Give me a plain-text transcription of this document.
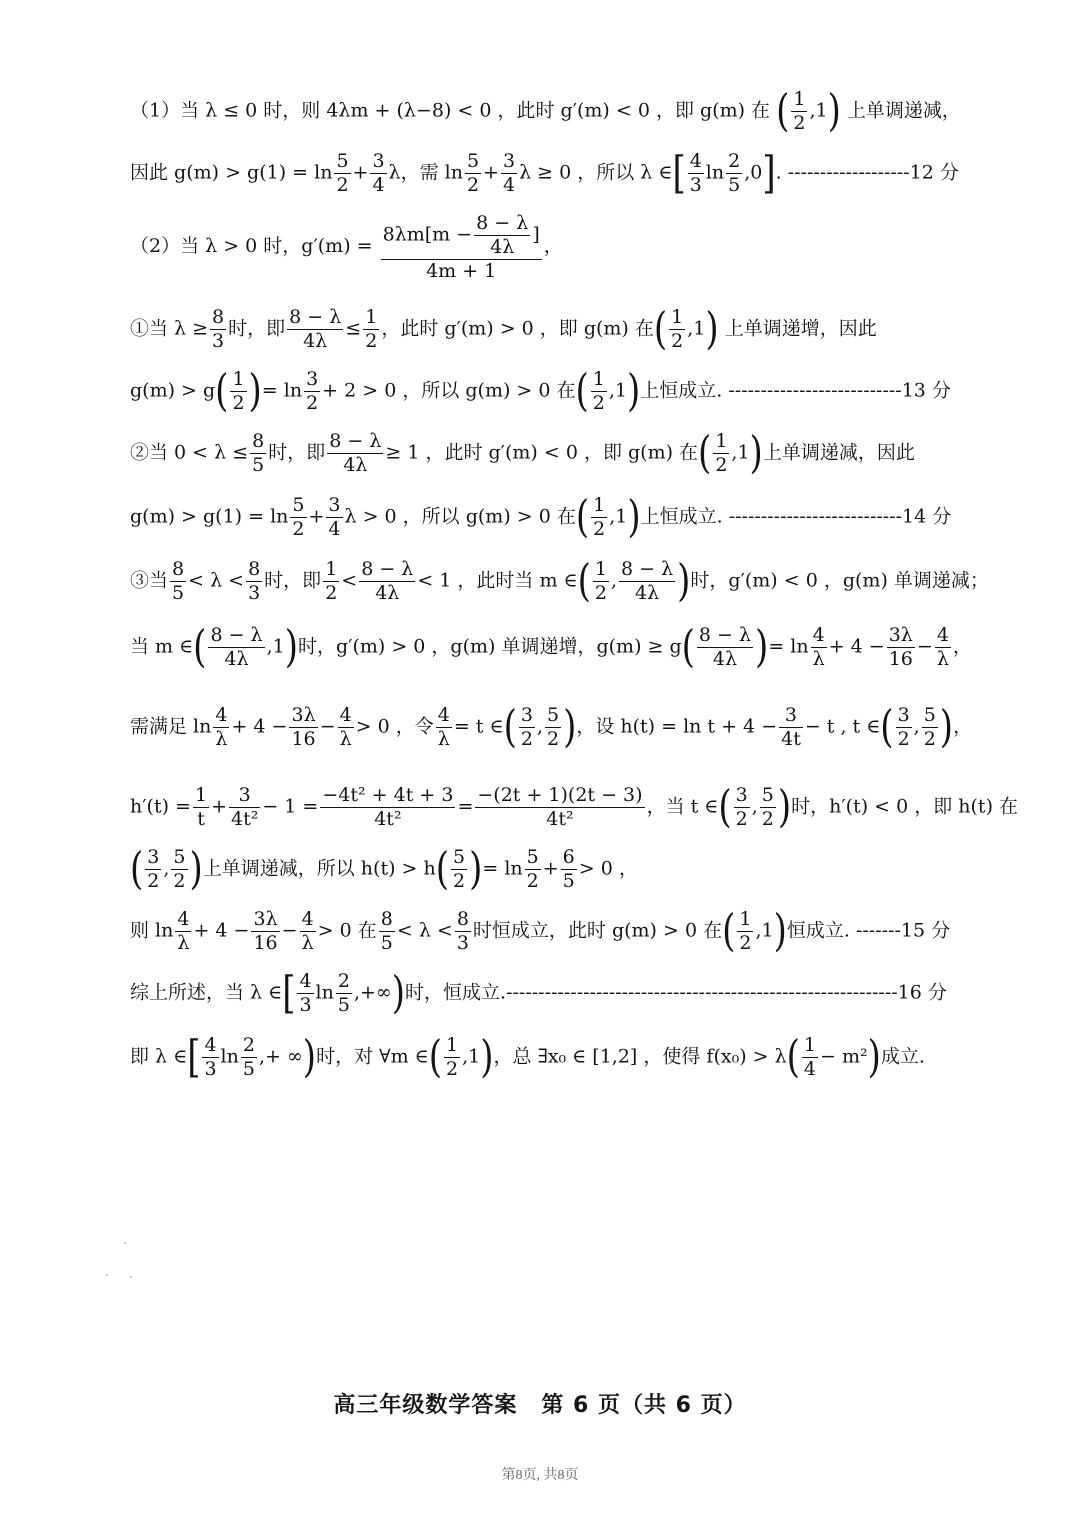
（1）当 λ ≤ 0 时，则 4λm + (λ−8) < 0 ，此时 g′(m) < 0 ，即 g(m) 在 ( $\frac{1}{2} ,1$) 上单调递减，
因此 $g(m) > g(1) = \ln \frac{5}{2} + \frac{3}{4}$ λ，需 $\ln \frac{5}{2} + \frac{3}{4}$ λ ≥ 0 ，所以 λ ∈[ $\frac{4}{3}$ $\ln \frac{2}{5} ,0$]. -------------------12 分
（2）当 λ > 0 时，$g'(m) = \frac{8\lambda m[m - \frac{8 - \lambda}{4\lambda} ]}{4m + 1}$ ，
①当 $\lambda \ge \frac{8}{3}$ 时，即 $\frac{8 - \lambda}{4\lambda} \le \frac{1}{2}$ ，此时 g′(m) > 0 ，即 g(m) 在( $\frac{1}{2} ,1$) 上单调递增，因此
$g(m) > g( \frac{1}{2}$ )= $\ln \frac{3}{2} + 2 > 0$ ，所以 g(m) > 0 在( $\frac{1}{2} ,1$)上恒成立. ---------------------------13 分
②当 $0 < \lambda \le \frac{8}{5}$ 时，即 $\frac{8 - \lambda}{4\lambda} \ge 1$ ，此时 g′(m) < 0 ，即 g(m) 在( $\frac{1}{2} ,1$)上单调递减，因此
$g(m) > g(1) = \ln \frac{5}{2} + \frac{3}{4}$ λ > 0 ，所以 g(m) > 0 在( $\frac{1}{2} ,1$)上恒成立. ---------------------------14 分
③当 $\frac{8}{5} < \lambda < \frac{8}{3}$ 时，即 $\frac{1}{2} < \frac{8 - \lambda}{4\lambda} < 1$ ，此时当 m ∈( $\frac{1}{2}$ , $\frac{8 - \lambda}{4\lambda}$ )时，g′(m) < 0 ，g(m) 单调递减；
当 m ∈( $\frac{8 - \lambda}{4\lambda} ,1$)时，g′(m) > 0 ，g(m) 单调递增，$g(m) \ge g( \frac{8 - \lambda}{4\lambda}$ )= $\ln \frac{4}{\lambda} + 4 - \frac{3\lambda}{16} - \frac{4}{\lambda}$ ，
需满足 $\ln \frac{4}{\lambda} + 4 - \frac{3\lambda}{16} - \frac{4}{\lambda} > 0$ ，令 $\frac{4}{\lambda} = t$ ∈( $\frac{3}{2}$ , $\frac{5}{2}$ )，设 $h(t) = \ln t + 4 - \frac{3}{4t} - t$ , t ∈( $\frac{3}{2}$ , $\frac{5}{2}$ )，
$h'(t) = \frac{1}{t} + \frac{3}{\text{4t²}} - 1 = \frac{\text{−4t² + 4t + 3}}{\text{4t²}} = \frac{-(2t + 1)(2t - 3)}{\text{4t²}}$ ，当 t ∈( $\frac{3}{2}$ , $\frac{5}{2}$ )时，h′(t) < 0 ，即 h(t) 在
( $\frac{3}{2}$ , $\frac{5}{2}$ )上单调递减，所以 $h(t) > h( \frac{5}{2}$ )= $\ln \frac{5}{2} + \frac{6}{5} > 0$ ，
则 $\ln \frac{4}{\lambda} + 4 - \frac{3\lambda}{16} - \frac{4}{\lambda} > 0$ 在 $\frac{8}{5} < \lambda < \frac{8}{3}$ 时恒成立，此时 g(m) > 0 在( $\frac{1}{2} ,1$)恒成立. -------15 分
综上所述，当 λ ∈[ $\frac{4}{3}$ $\ln \frac{2}{5}$ ,+∞)时，恒成立.-------------------------------------------------------------16 分
即 λ ∈[ $\frac{4}{3}$ $\ln \frac{2}{5}$ ,+ ∞)时，对 ∀m ∈( $\frac{1}{2} ,1$)，总 ∃x₀ ∈ [1,2] ，使得 $f(x_0) > \lambda( \frac{1}{4} - m^2)$成立.
高三年级数学答案 第 6 页（共 6 页）
第8页, 共8页
